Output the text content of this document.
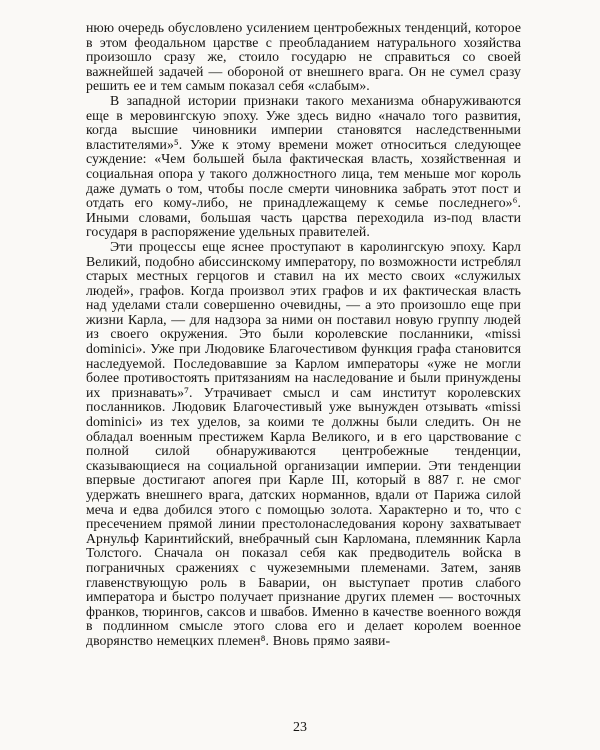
нюю очередь обусловлено усилением центробежных тенденций, которое в этом феодальном царстве с преобладанием натурального хозяйства произошло сразу же, стоило государю не справиться со своей важнейшей задачей — обороной от внешнего врага. Он не сумел сразу решить ее и тем самым показал себя «слабым».

В западной истории признаки такого механизма обнаруживаются еще в меровингскую эпоху. Уже здесь видно «начало того развития, когда высшие чиновники империи становятся наследственными властителями»⁵. Уже к этому времени может относиться следующее суждение: «Чем большей была фактическая власть, хозяйственная и социальная опора у такого должностного лица, тем меньше мог король даже думать о том, чтобы после смерти чиновника забрать этот пост и отдать его кому-либо, не принадлежащему к семье последнего»⁶. Иными словами, большая часть царства переходила из-под власти государя в распоряжение удельных правителей.

Эти процессы еще яснее проступают в каролингскую эпоху. Карл Великий, подобно абиссинскому императору, по возможности истреблял старых местных герцогов и ставил на их место своих «служилых людей», графов. Когда произвол этих графов и их фактическая власть над уделами стали совершенно очевидны, — а это произошло еще при жизни Карла, — для надзора за ними он поставил новую группу людей из своего окружения. Это были королевские посланники, «missi dominici». Уже при Людовике Благочестивом функция графа становится наследуемой. Последовавшие за Карлом императоры «уже не могли более противостоять притязаниям на наследование и были принуждены их признавать»⁷. Утрачивает смысл и сам институт королевских посланников. Людовик Благочестивый уже вынужден отзывать «missi dominici» из тех уделов, за коими те должны были следить. Он не обладал военным престижем Карла Великого, и в его царствование с полной силой обнаруживаются центробежные тенденции, сказывающиеся на социальной организации империи. Эти тенденции впервые достигают апогея при Карле III, который в 887 г. не смог удержать внешнего врага, датских норманнов, вдали от Парижа силой меча и едва добился этого с помощью золота. Характерно и то, что с пресечением прямой линии престолонаследования корону захватывает Арнульф Каринтийский, внебрачный сын Карломана, племянник Карла Толстого. Сначала он показал себя как предводитель войска в пограничных сражениях с чужеземными племенами. Затем, заняв главенствующую роль в Баварии, он выступает против слабого императора и быстро получает признание других племен — восточных франков, тюрингов, саксов и швабов. Именно в качестве военного вождя в подлинном смысле этого слова его и делает королем военное дворянство немецких племен⁸. Вновь прямо заяви-

23
